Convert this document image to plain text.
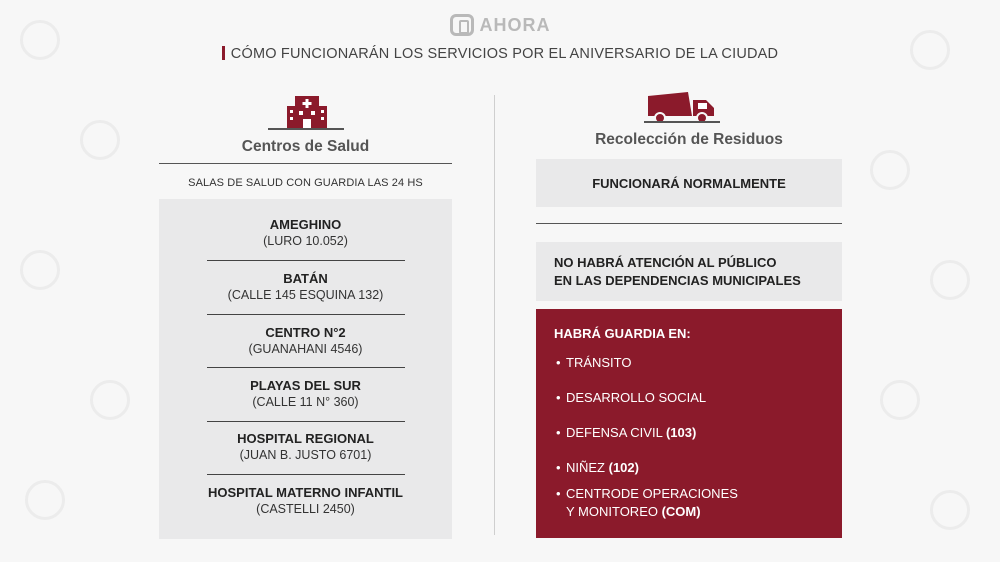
AHORA
CÓMO FUNCIONARÁN LOS SERVICIOS POR EL ANIVERSARIO DE LA CIUDAD
Centros de Salud
SALAS DE SALUD CON GUARDIA LAS 24 HS
AMEGHINO
(LURO 10.052)
BATÁN
(CALLE 145 ESQUINA 132)
CENTRO N°2
(GUANAHANI 4546)
PLAYAS DEL SUR
(CALLE 11 N° 360)
HOSPITAL REGIONAL
(JUAN B. JUSTO 6701)
HOSPITAL MATERNO INFANTIL
(CASTELLI 2450)
Recolección de Residuos
FUNCIONARÁ NORMALMENTE
NO HABRÁ ATENCIÓN AL PÚBLICO
EN LAS DEPENDENCIAS MUNICIPALES
HABRÁ GUARDIA EN:
• TRÁNSITO
• DESARROLLO SOCIAL
• DEFENSA CIVIL (103)
• NIÑEZ (102)
• CENTRODE OPERACIONES
Y MONITOREO (COM)
